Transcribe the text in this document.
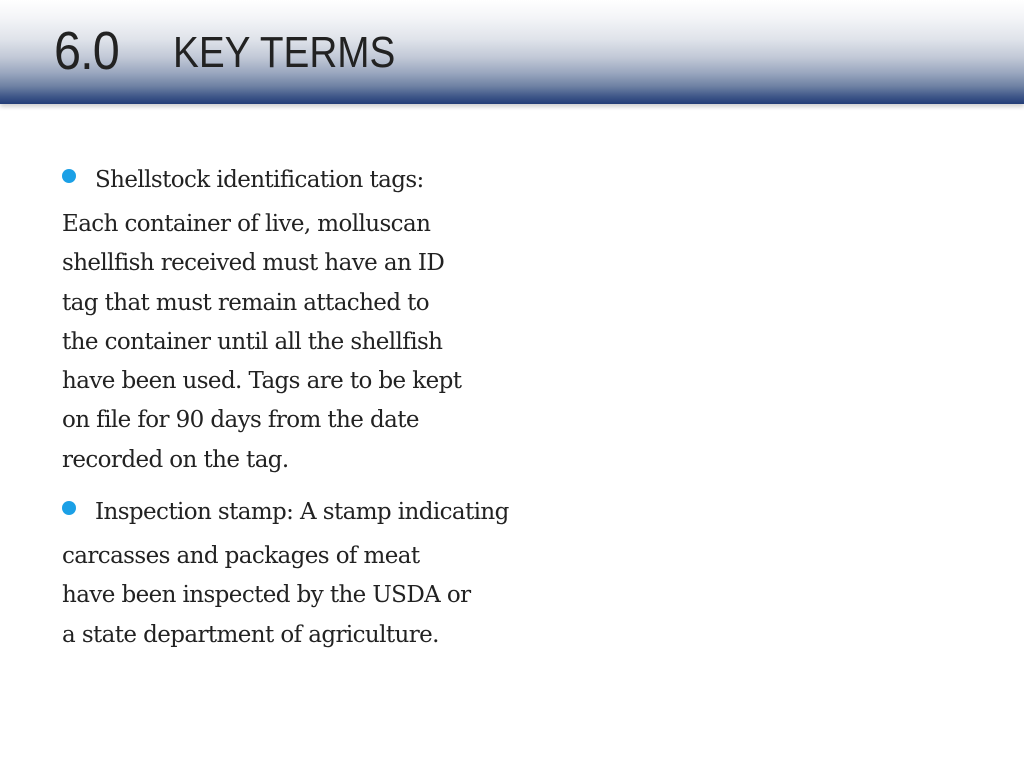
6.0 KEY TERMS
Shellstock identification tags:
Each container of live, molluscan
shellfish received must have an ID
tag that must remain attached to
the container until all the shellfish
have been used. Tags are to be kept
on file for 90 days from the date
recorded on the tag.
Inspection stamp: A stamp indicating
carcasses and packages of meat
have been inspected by the USDA or
a state department of agriculture.
